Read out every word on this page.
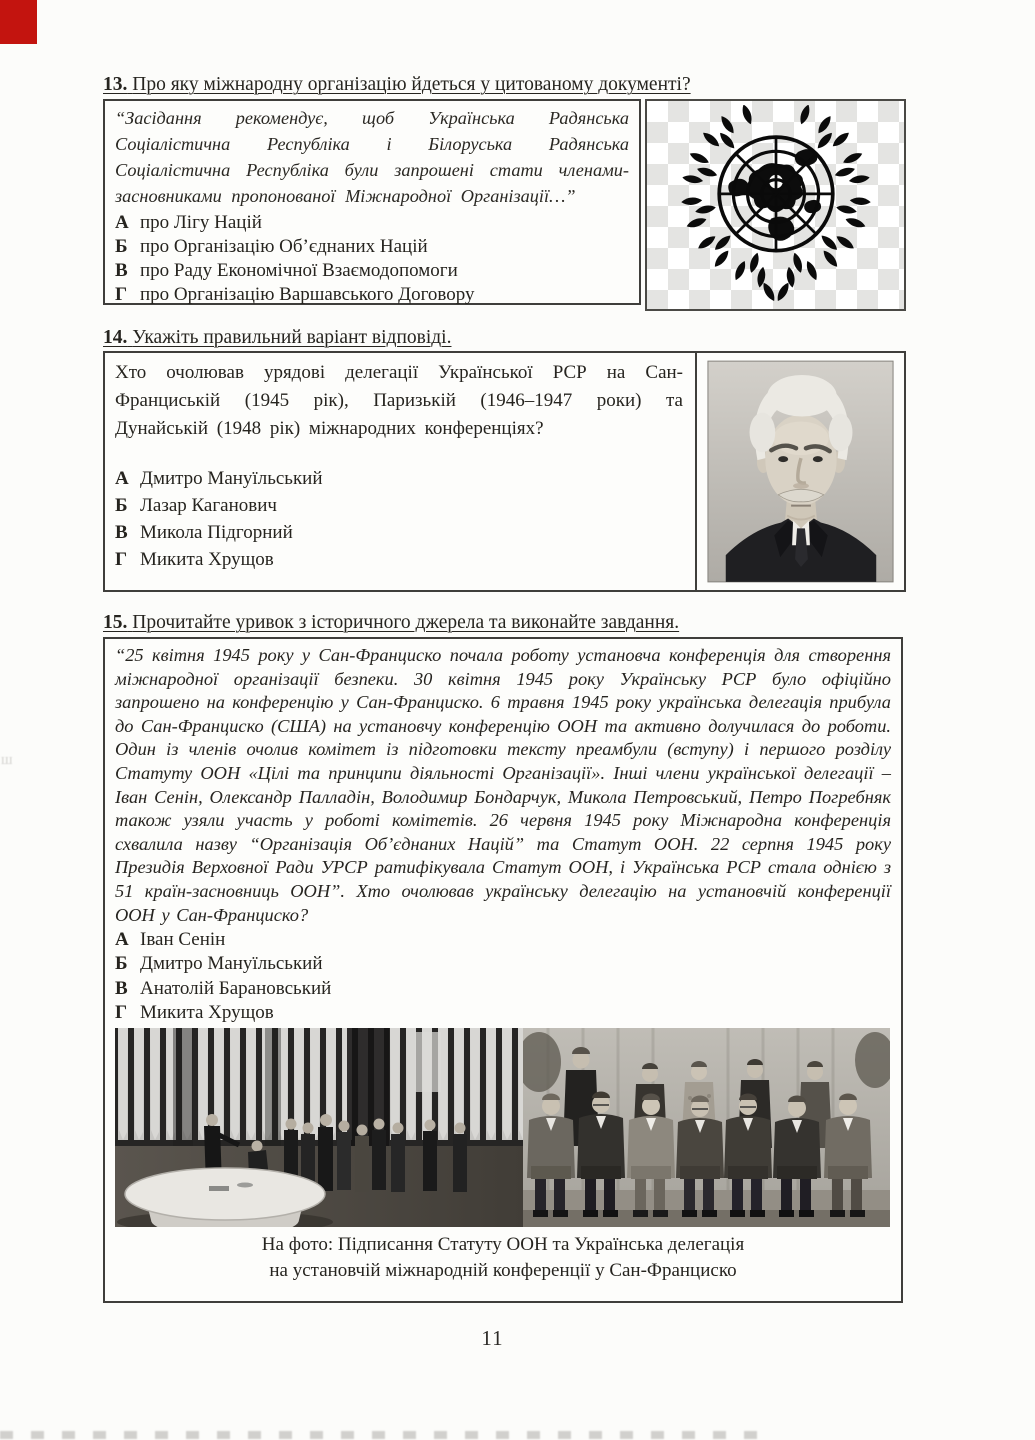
ш
13. Про яку міжнародну організацію йдеться у цитованому документі?
“Засідання рекомендує, щоб Українська Радянська Соціалістична Республіка і Білоруська Радянська Соціалістична Республіка були запрошені стати членами-засновниками пропонованої Міжнародної Організації…”
А про Лігу Націй
Б про Організацію Об’єднаних Націй
В про Раду Економічної Взаємодопомоги
Г про Організацію Варшавського Договору
14. Укажіть правильний варіант відповіді.
Хто очолював урядові делегації Української РСР на Сан-Франциській (1945 рік), Паризькій (1946–1947 роки) та Дунайській (1948 рік) міжнародних конференціях?
А Дмитро Мануїльський
Б Лазар Каганович
В Микола Підгорний
Г Микита Хрущов
15. Прочитайте уривок з історичного джерела та виконайте завдання.
“25 квітня 1945 року у Сан-Франциско почала роботу установча конференція для створення міжнародної організації безпеки. 30 квітня 1945 року Українську РСР було офіційно запрошено на конференцію у Сан-Франциско. 6 травня 1945 року українська делегація прибула до Сан-Франциско (США) на установчу конференцію ООН та активно долучилася до роботи. Один із членів очолив комітет із підготовки тексту преамбули (вступу) і першого розділу Статуту ООН «Цілі та принципи діяльності Організації». Інші члени української делегації – Іван Сенін, Олександр Палладін, Володимир Бондарчук, Микола Петровський, Петро Погребняк також узяли участь у роботі комітетів. 26 червня 1945 року Міжнародна конференція схвалила назву “Організація Об’єднаних Націй” та Статут ООН. 22 серпня 1945 року Президія Верховної Ради УРСР ратифікувала Статут ООН, і Українська РСР стала однією з 51 країн-засновниць ООН”. Хто очолював українську делегацію на установчій конференції ООН у Сан-Франциско?
А Іван Сенін
Б Дмитро Мануїльський
В Анатолій Барановський
Г Микита Хрущов
На фото: Підписання Статуту ООН та Українська делегація
на установчій міжнародній конференції у Сан-Франциско
11
